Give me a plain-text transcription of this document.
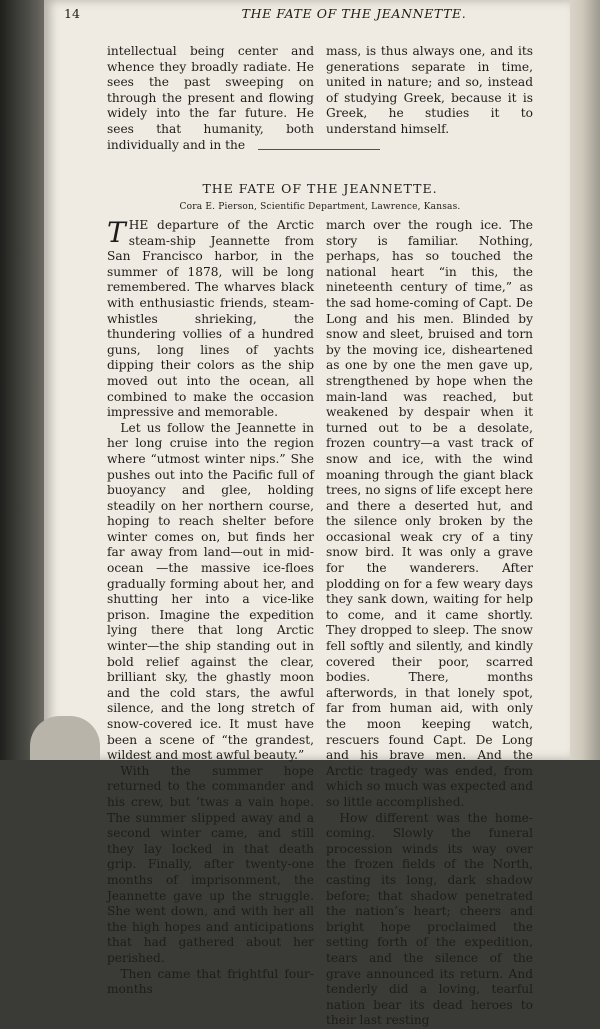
14	THE FATE OF THE JEANNETTE.

intellectual being center and whence they broadly radiate. He sees the past sweeping on through the present and flowing widely into the far future. He sees that humanity, both individually and in the

mass, is thus always one, and its generations separate in time, united in nature; and so, instead of studying Greek, because it is Greek, he studies it to understand himself.

THE FATE OF THE JEANNETTE.
Cora E. Pierson, Scientific Department, Lawrence, Kansas.

THE departure of the Arctic steam-ship Jeannette from San Francisco harbor, in the summer of 1878, will be long remembered. The wharves black with enthusiastic friends, steam-whistles shrieking, the thundering vollies of a hundred guns, long lines of yachts dipping their colors as the ship moved out into the ocean, all combined to make the occasion impressive and memorable.

Let us follow the Jeannette in her long cruise into the region where “utmost winter nips.” She pushes out into the Pacific full of buoyancy and glee, holding steadily on her northern course, hoping to reach shelter before winter comes on, but finds her far away from land—out in mid-ocean —the massive ice-floes gradually forming about her, and shutting her into a vice-like prison. Imagine the expedition lying there that long Arctic winter—the ship standing out in bold relief against the clear, brilliant sky, the ghastly moon and the cold stars, the awful silence, and the long stretch of snow-covered ice. It must have been a scene of “the grandest, wildest and most awful beauty.”

With the summer hope returned to the commander and his crew, but ’twas a vain hope. The summer slipped away and a second winter came, and still they lay locked in that death grip. Finally, after twenty-one months of imprisonment, the Jeannette gave up the struggle. She went down, and with her all the high hopes and anticipations that had gathered about her perished.

Then came that frightful four-months

march over the rough ice. The story is familiar. Nothing, perhaps, has so touched the national heart “in this, the nineteenth century of time,” as the sad home-coming of Capt. De Long and his men. Blinded by snow and sleet, bruised and torn by the moving ice, disheartened as one by one the men gave up, strengthened by hope when the main-land was reached, but weakened by despair when it turned out to be a desolate, frozen country—a vast track of snow and ice, with the wind moaning through the giant black trees, no signs of life except here and there a deserted hut, and the silence only broken by the occasional weak cry of a tiny snow bird. It was only a grave for the wanderers. After plodding on for a few weary days they sank down, waiting for help to come, and it came shortly. They dropped to sleep. The snow fell softly and silently, and kindly covered their poor, scarred bodies. There, months afterwords, in that lonely spot, far from human aid, with only the moon keeping watch, rescuers found Capt. De Long and his brave men. And the Arctic tragedy was ended, from which so much was expected and so little accomplished.

How different was the home-coming. Slowly the funeral procession winds its way over the frozen fields of the North, casting its long, dark shadow before; that shadow penetrated the nation’s heart; cheers and bright hope proclaimed the setting forth of the expedition, tears and the silence of the grave announced its return. And tenderly did a loving, tearful nation bear its dead heroes to their last resting
